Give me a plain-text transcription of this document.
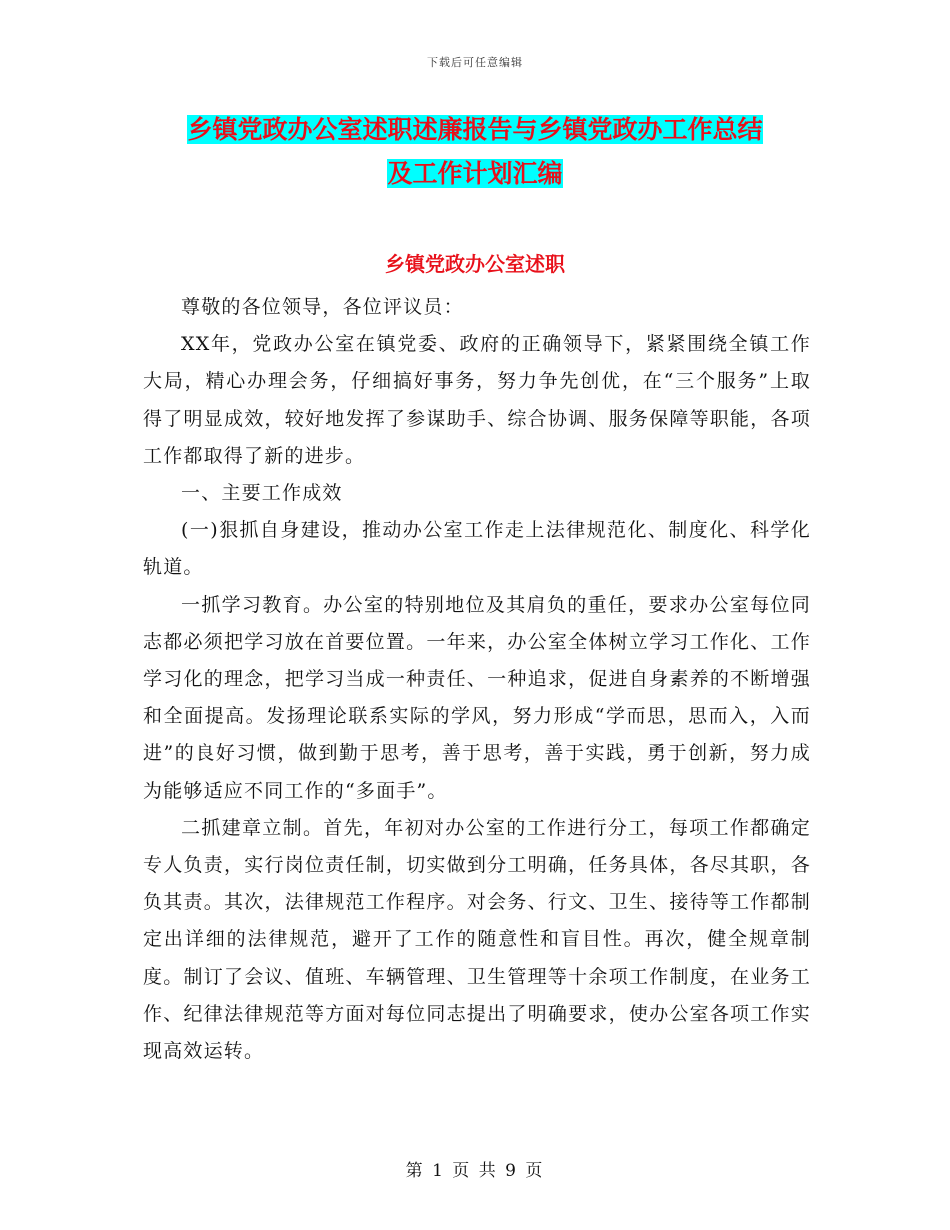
下载后可任意编辑
乡镇党政办公室述职述廉报告与乡镇党政办工作总结
及工作计划汇编
乡镇党政办公室述职

尊敬的各位领导，各位评议员：

XX年，党政办公室在镇党委、政府的正确领导下，紧紧围绕全镇工作大局，精心办理会务，仔细搞好事务，努力争先创优，在“三个服务”上取得了明显成效，较好地发挥了参谋助手、综合协调、服务保障等职能，各项工作都取得了新的进步。

一、主要工作成效

(一)狠抓自身建设，推动办公室工作走上法律规范化、制度化、科学化轨道。

一抓学习教育。办公室的特别地位及其肩负的重任，要求办公室每位同志都必须把学习放在首要位置。一年来，办公室全体树立学习工作化、工作学习化的理念，把学习当成一种责任、一种追求，促进自身素养的不断增强和全面提高。发扬理论联系实际的学风，努力形成“学而思，思而入，入而进”的良好习惯，做到勤于思考，善于思考，善于实践，勇于创新，努力成为能够适应不同工作的“多面手”。

二抓建章立制。首先，年初对办公室的工作进行分工，每项工作都确定专人负责，实行岗位责任制，切实做到分工明确，任务具体，各尽其职，各负其责。其次，法律规范工作程序。对会务、行文、卫生、接待等工作都制定出详细的法律规范，避开了工作的随意性和盲目性。再次，健全规章制度。制订了会议、值班、车辆管理、卫生管理等十余项工作制度，在业务工作、纪律法律规范等方面对每位同志提出了明确要求，使办公室各项工作实现高效运转。

第 1 页 共 9 页
